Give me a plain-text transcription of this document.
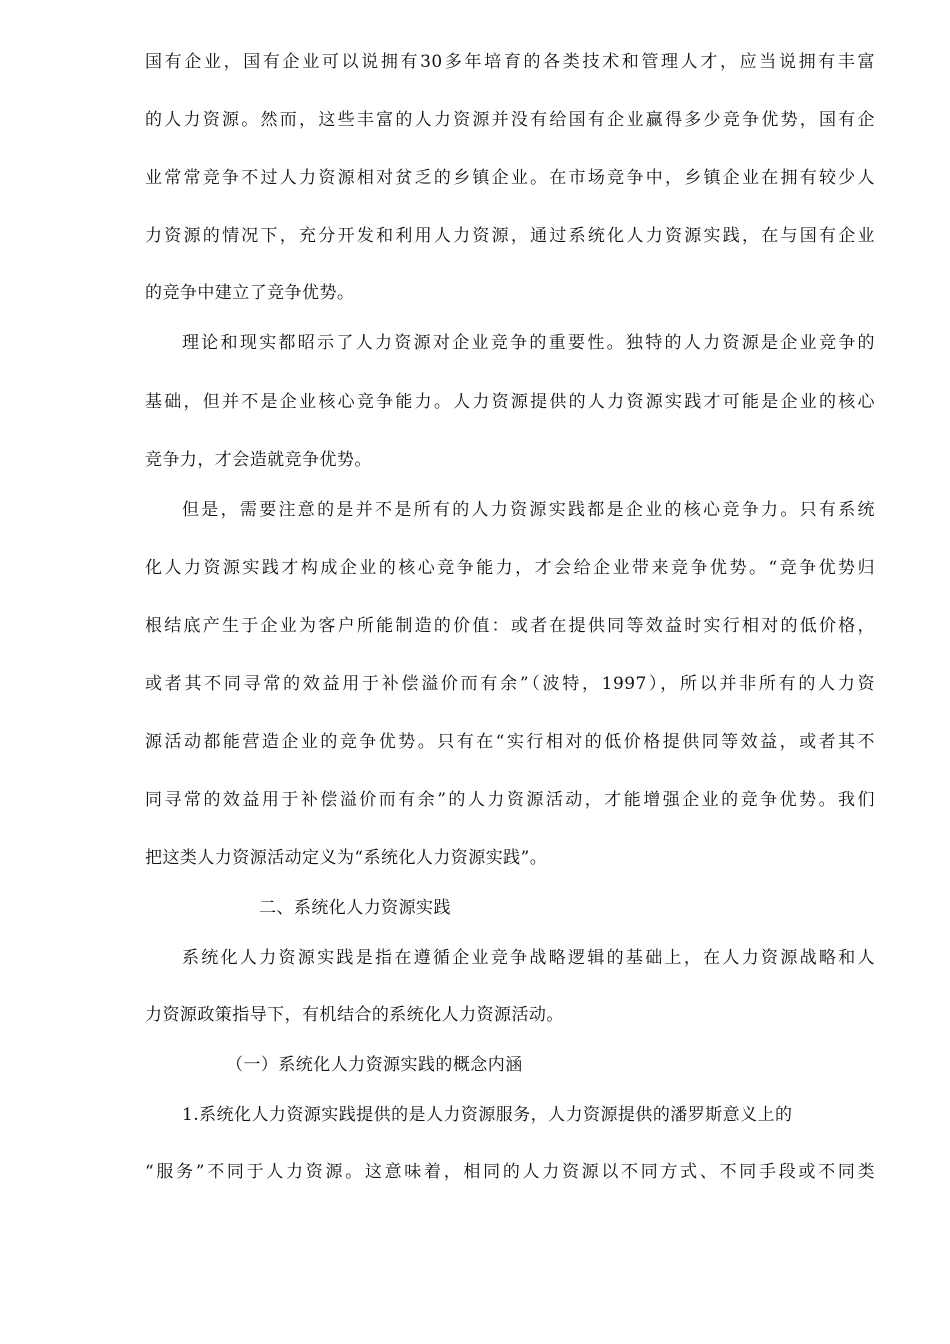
国有企业，国有企业可以说拥有30多年培育的各类技术和管理人才，应当说拥有丰富
的人力资源。然而，这些丰富的人力资源并没有给国有企业赢得多少竞争优势，国有企
业常常竞争不过人力资源相对贫乏的乡镇企业。在市场竞争中，乡镇企业在拥有较少人
力资源的情况下，充分开发和利用人力资源，通过系统化人力资源实践，在与国有企业
的竞争中建立了竞争优势。
理论和现实都昭示了人力资源对企业竞争的重要性。独特的人力资源是企业竞争的
基础，但并不是企业核心竞争能力。人力资源提供的人力资源实践才可能是企业的核心
竞争力，才会造就竞争优势。
但是，需要注意的是并不是所有的人力资源实践都是企业的核心竞争力。只有系统
化人力资源实践才构成企业的核心竞争能力，才会给企业带来竞争优势。“竞争优势归
根结底产生于企业为客户所能制造的价值：或者在提供同等效益时实行相对的低价格，
或者其不同寻常的效益用于补偿溢价而有余”（波特，1997），所以并非所有的人力资
源活动都能营造企业的竞争优势。只有在“实行相对的低价格提供同等效益，或者其不
同寻常的效益用于补偿溢价而有余”的人力资源活动，才能增强企业的竞争优势。我们
把这类人力资源活动定义为“系统化人力资源实践”。
二、系统化人力资源实践
系统化人力资源实践是指在遵循企业竞争战略逻辑的基础上，在人力资源战略和人
力资源政策指导下，有机结合的系统化人力资源活动。
（一）系统化人力资源实践的概念内涵
1.系统化人力资源实践提供的是人力资源服务，人力资源提供的潘罗斯意义上的
“服务”不同于人力资源。这意味着，相同的人力资源以不同方式、不同手段或不同类
